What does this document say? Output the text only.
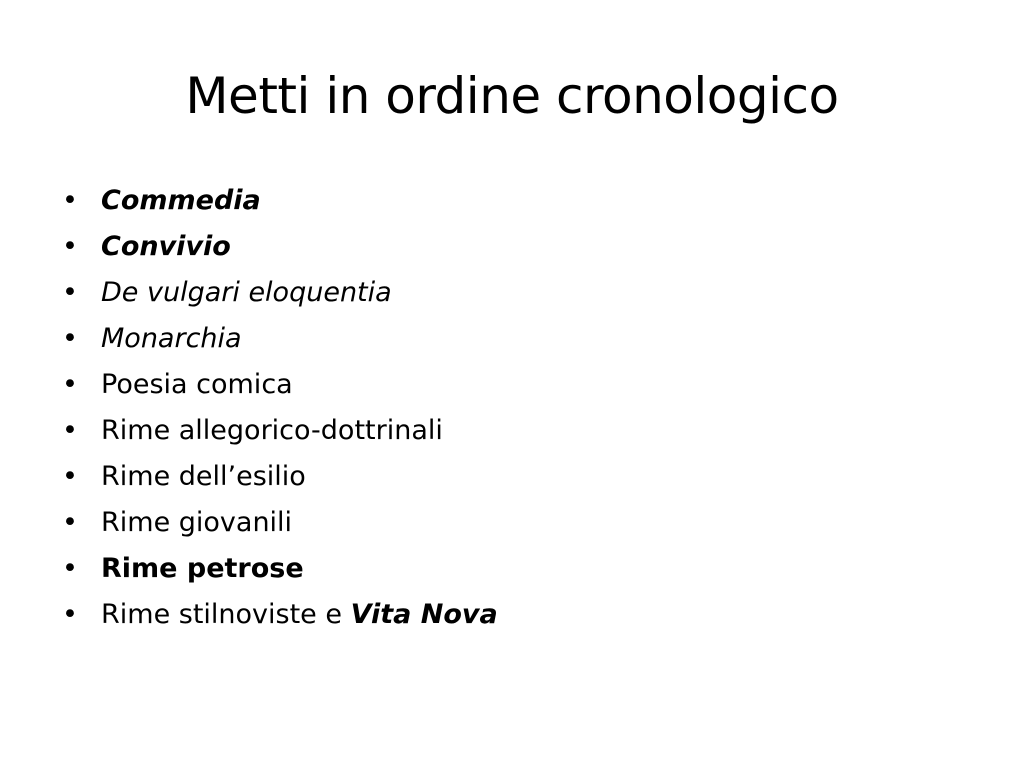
Metti in ordine cronologico
• Commedia
• Convivio
• De vulgari eloquentia
• Monarchia
• Poesia comica
• Rime allegorico-dottrinali
• Rime dell’esilio
• Rime giovanili
• Rime petrose
• Rime stilnoviste e Vita Nova
